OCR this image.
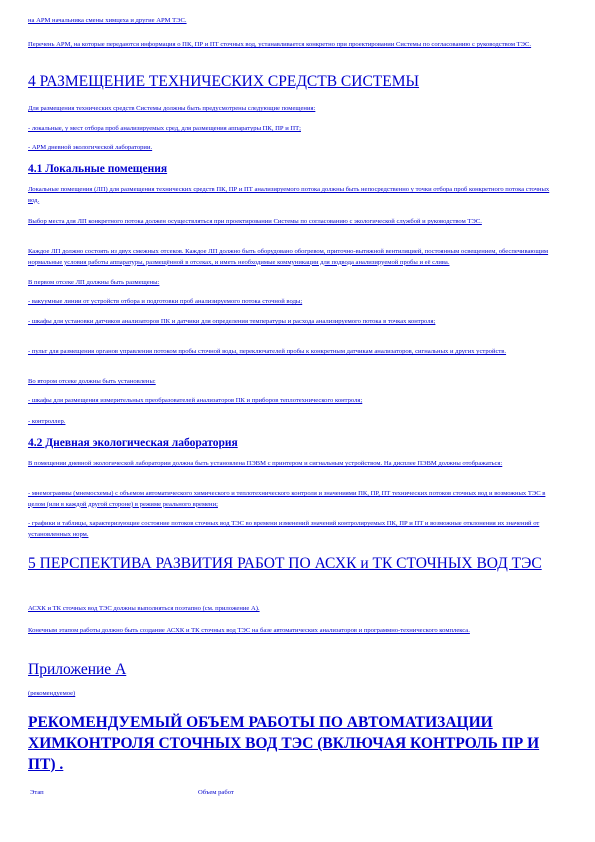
на АРМ начальника смены химцеха и другие АРМ ТЭС.

Перечень АРМ, на которые передаются информация о ПК, ПР и ПТ сточных вод, устанавливается конкретно при проектировании Системы по согласованию с руководством ТЭС.

4 РАЗМЕЩЕНИЕ ТЕХНИЧЕСКИХ СРЕДСТВ СИСТЕМЫ

Для размещения технических средств Системы должны быть предусмотрены следующие помещения:

- локальные, у мест отбора проб анализируемых сред, для размещения аппаратуры ПК, ПР и ПТ;

- АРМ дневной экологической лаборатории.

4.1 Локальные помещения

Локальные помещения (ЛП) для размещения технических средств ПК, ПР и ПТ анализируемого потока должны быть непосредственно у точки отбора проб конкретного потока сточных вод.

Выбор места для ЛП конкретного потока должен осуществляться при проектировании Системы по согласованию с экологической службой и руководством ТЭС.

Каждое ЛП должно состоять из двух смежных отсеков. Каждое ЛП должно быть оборудовано обогревом, приточно-вытяжной вентиляцией, постоянным освещением, обеспечивающим нормальные условия работы аппаратуры, размещённой в отсеках, и иметь необходимые коммуникации для подвода анализируемой пробы и её слива.

В первом отсеке ЛП должны быть размещены:

- вакуумные линии от устройств отбора и подготовки проб анализируемого потока сточной воды;

- шкафы для установки датчиков анализаторов ПК и датчики для определения температуры и расхода анализируемого потока в точках контроля;

- пульт для размещения органов управления потоком пробы сточной воды, переключателей пробы к конкретным датчикам анализаторов, сигнальных и других устройств.

Во втором отсеке должны быть установлены:

- шкафы для размещения измерительных преобразователей анализаторов ПК и приборов теплотехнического контроля;

- контроллер.

4.2 Дневная экологическая лаборатория

В помещении дневной экологической лаборатории должна быть установлена ПЭВМ с принтером и сигнальным устройством. На дисплее ПЭВМ должны отображаться:

- мнемограммы (мнемосхемы) с объемом автоматического химического и теплотехнического контроля и значениями ПК, ПР, ПТ технических потоков сточных вод и возможных ТЭС в целом (или в каждой другой стороне) в режиме реального времени;

- графики и таблицы, характеризующие состояние потоков сточных вод ТЭС во времени изменений значений контролируемых ПК, ПР и ПТ и возможные отклонения их значений от установленных норм.

5 ПЕРСПЕКТИВА РАЗВИТИЯ РАБОТ ПО АСХК и ТК СТОЧНЫХ ВОД ТЭС

АСХК и ТК сточных вод ТЭС должны выполняться поэтапно (см. приложение А).

Конечным этапом работы должно быть создание АСХК и ТК сточных вод ТЭС на базе автоматических анализаторов и программно-технического комплекса.

Приложение А

(рекомендуемое)

РЕКОМЕНДУЕМЫЙ ОБЪЕМ РАБОТЫ ПО АВТОМАТИЗАЦИИ ХИМКОНТРОЛЯ СТОЧНЫХ ВОД ТЭС (ВКЛЮЧАЯ КОНТРОЛЬ ПР И ПТ) .
Этап	Объем работ
